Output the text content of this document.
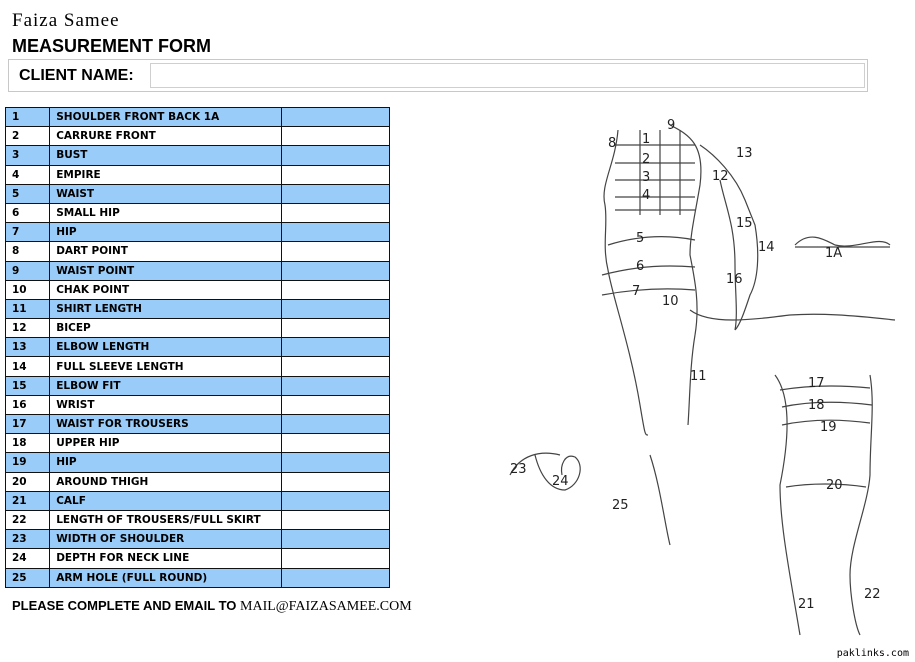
Faiza Samee
MEASUREMENT FORM
CLIENT NAME:
1	SHOULDER FRONT BACK 1A	
2	CARRURE FRONT	
3	BUST	
4	EMPIRE	
5	WAIST	
6	SMALL HIP	
7	HIP	
8	DART POINT	
9	WAIST POINT	
10	CHAK POINT	
11	SHIRT LENGTH	
12	BICEP	
13	ELBOW LENGTH	
14	FULL SLEEVE LENGTH	
15	ELBOW FIT	
16	WRIST	
17	WAIST FOR TROUSERS	
18	UPPER HIP	
19	HIP	
20	AROUND THIGH	
21	CALF	
22	LENGTH OF TROUSERS/FULL SKIRT	
23	WIDTH OF SHOULDER	
24	DEPTH FOR NECK LINE	
25	ARM HOLE (FULL ROUND)	
8 1
9
2
3
4
13
12
15
14	1A
5
6
16
7
10
11	17
18
19
23
24
25
20
21
22
PLEASE COMPLETE AND EMAIL TO MAIL@FAIZASAMEE.COM
paklinks.com
